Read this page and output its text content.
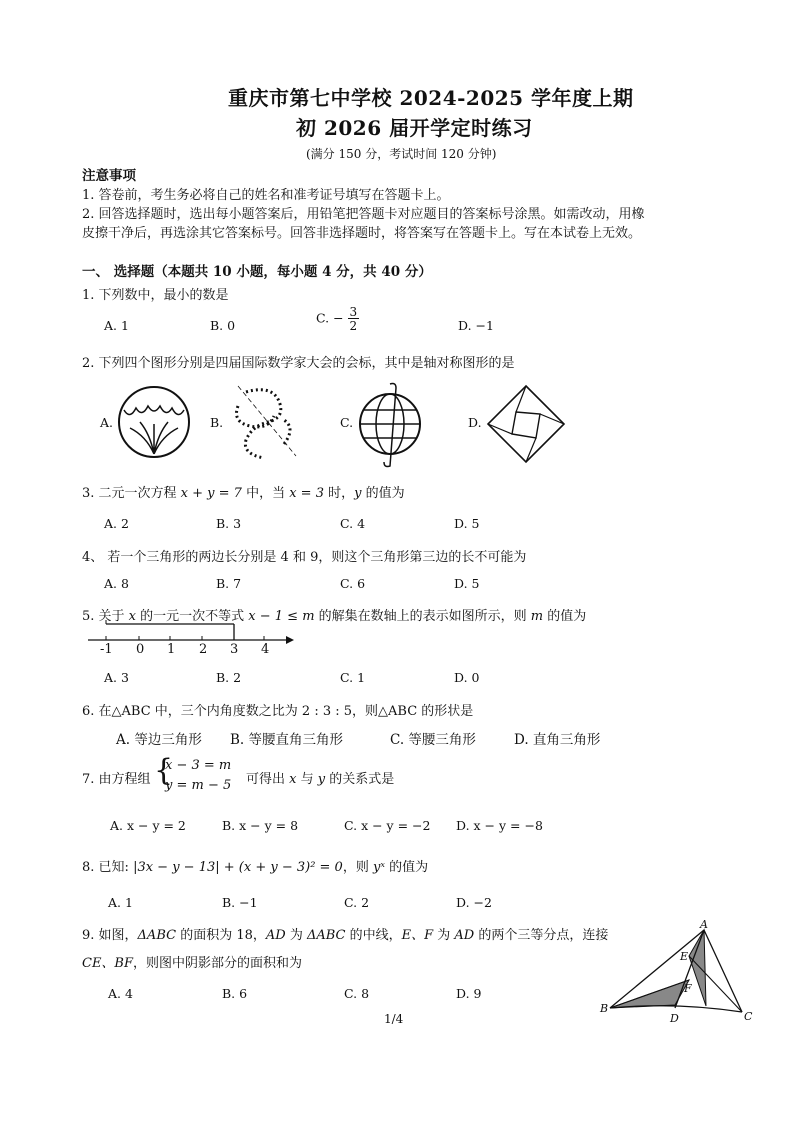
重庆市第七中学校 2024-2025 学年度上期
初 2026 届开学定时练习
(满分 150 分，考试时间 120 分钟)
注意事项
1. 答卷前，考生务必将自己的姓名和准考证号填写在答题卡上。
2. 回答选择题时，选出每小题答案后，用铅笔把答题卡对应题目的答案标号涂黑。如需改动，用橡
皮擦干净后，再选涂其它答案标号。回答非选择题时，将答案写在答题卡上。写在本试卷上无效。
一、 选择题（本题共 10 小题，每小题 4 分，共 40 分）
1. 下列数中，最小的数是
A. 1	B. 0	C. − $\frac{3}{2}$	D. −1
2. 下列四个图形分别是四届国际数学家大会的会标，其中是轴对称图形的是
A.	B.	C.	D.
3. 二元一次方程 x + y = 7 中，当 x = 3 时，y 的值为
A. 2	B. 3	C. 4	D. 5
4、 若一个三角形的两边长分别是 4 和 9，则这个三角形第三边的长不可能为
A. 8	B. 7	C. 6	D. 5
5. 关于 x 的一元一次不等式 x − 1 ≤ m 的解集在数轴上的表示如图所示，则 m 的值为
-1 0 1 2 3 4
A. 3	B. 2	C. 1	D. 0
6. 在△ABC 中，三个内角度数之比为 2 : 3 : 5，则△ABC 的形状是
A. 等边三角形 B. 等腰直角三角形	C. 等腰三角形	D. 直角三角形
7. 由方程组 {
x − 3 = m
y = m − 5 可得出 x 与 y 的关系式是
A. x − y = 2	B. x − y = 8	C. x − y = −2 D. x − y = −8
8. 已知: |3x − y − 13| + (x + y − 3)² = 0，则 yˣ 的值为
A. 1	B. −1	C. 2	D. −2
9. 如图，ΔABC 的面积为 18，AD 为 ΔABC 的中线，E、F 为 AD 的两个三等分点，连接
CE、BF，则图中阴影部分的面积和为
A. 4	B. 6	C. 8	D. 9
A
E
F
B
D	C
1/4
